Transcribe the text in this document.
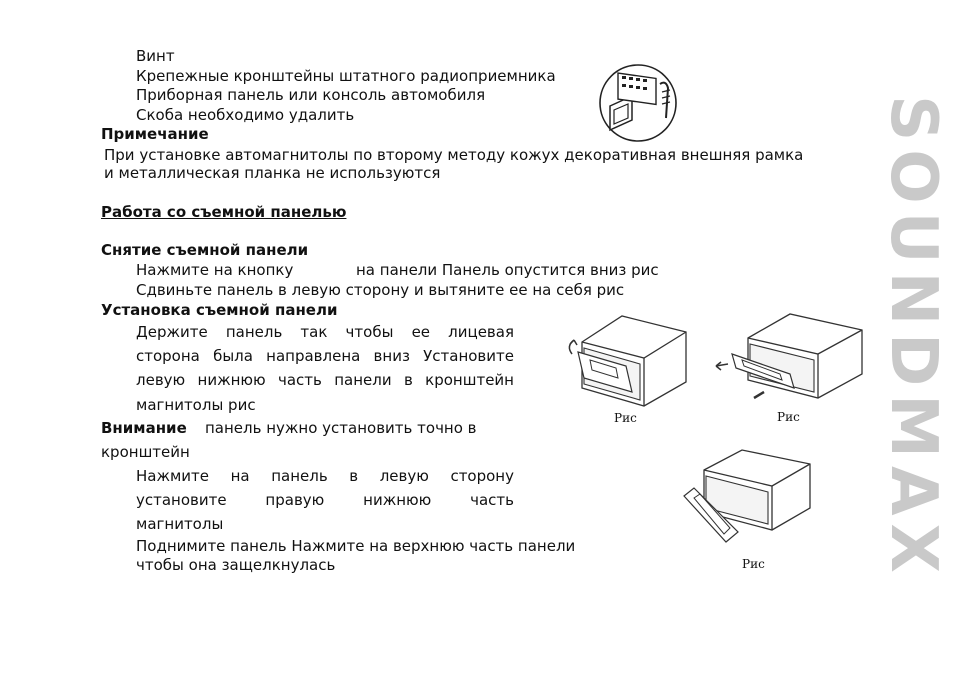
Винт
Крепежные кронштейны штатного радиоприемника
Приборная панель или консоль автомобиля
Скоба необходимо удалить
Примечание
При установке автомагнитолы по второму методу кожух декоративная внешняя рамка
и металлическая планка не используются
Работа со съемной панелью
Снятие съемной панели
Нажмите на кнопку	на панели Панель опустится вниз рис
Сдвиньте панель в левую сторону и вытяните ее на себя рис
Установка съемной панели
Держите панель так чтобы ее лицевая
сторона была направлена вниз Установите
левую нижнюю часть панели в кронштейн
магнитолы рис
Внимание панель нужно установить точно в
кронштейн
Нажмите на панель в левую сторону
установите правую нижнюю часть
магнитолы
Поднимите панель Нажмите на верхнюю часть панели
чтобы она защелкнулась
Рис	Рис
Рис SOUNDMAX
